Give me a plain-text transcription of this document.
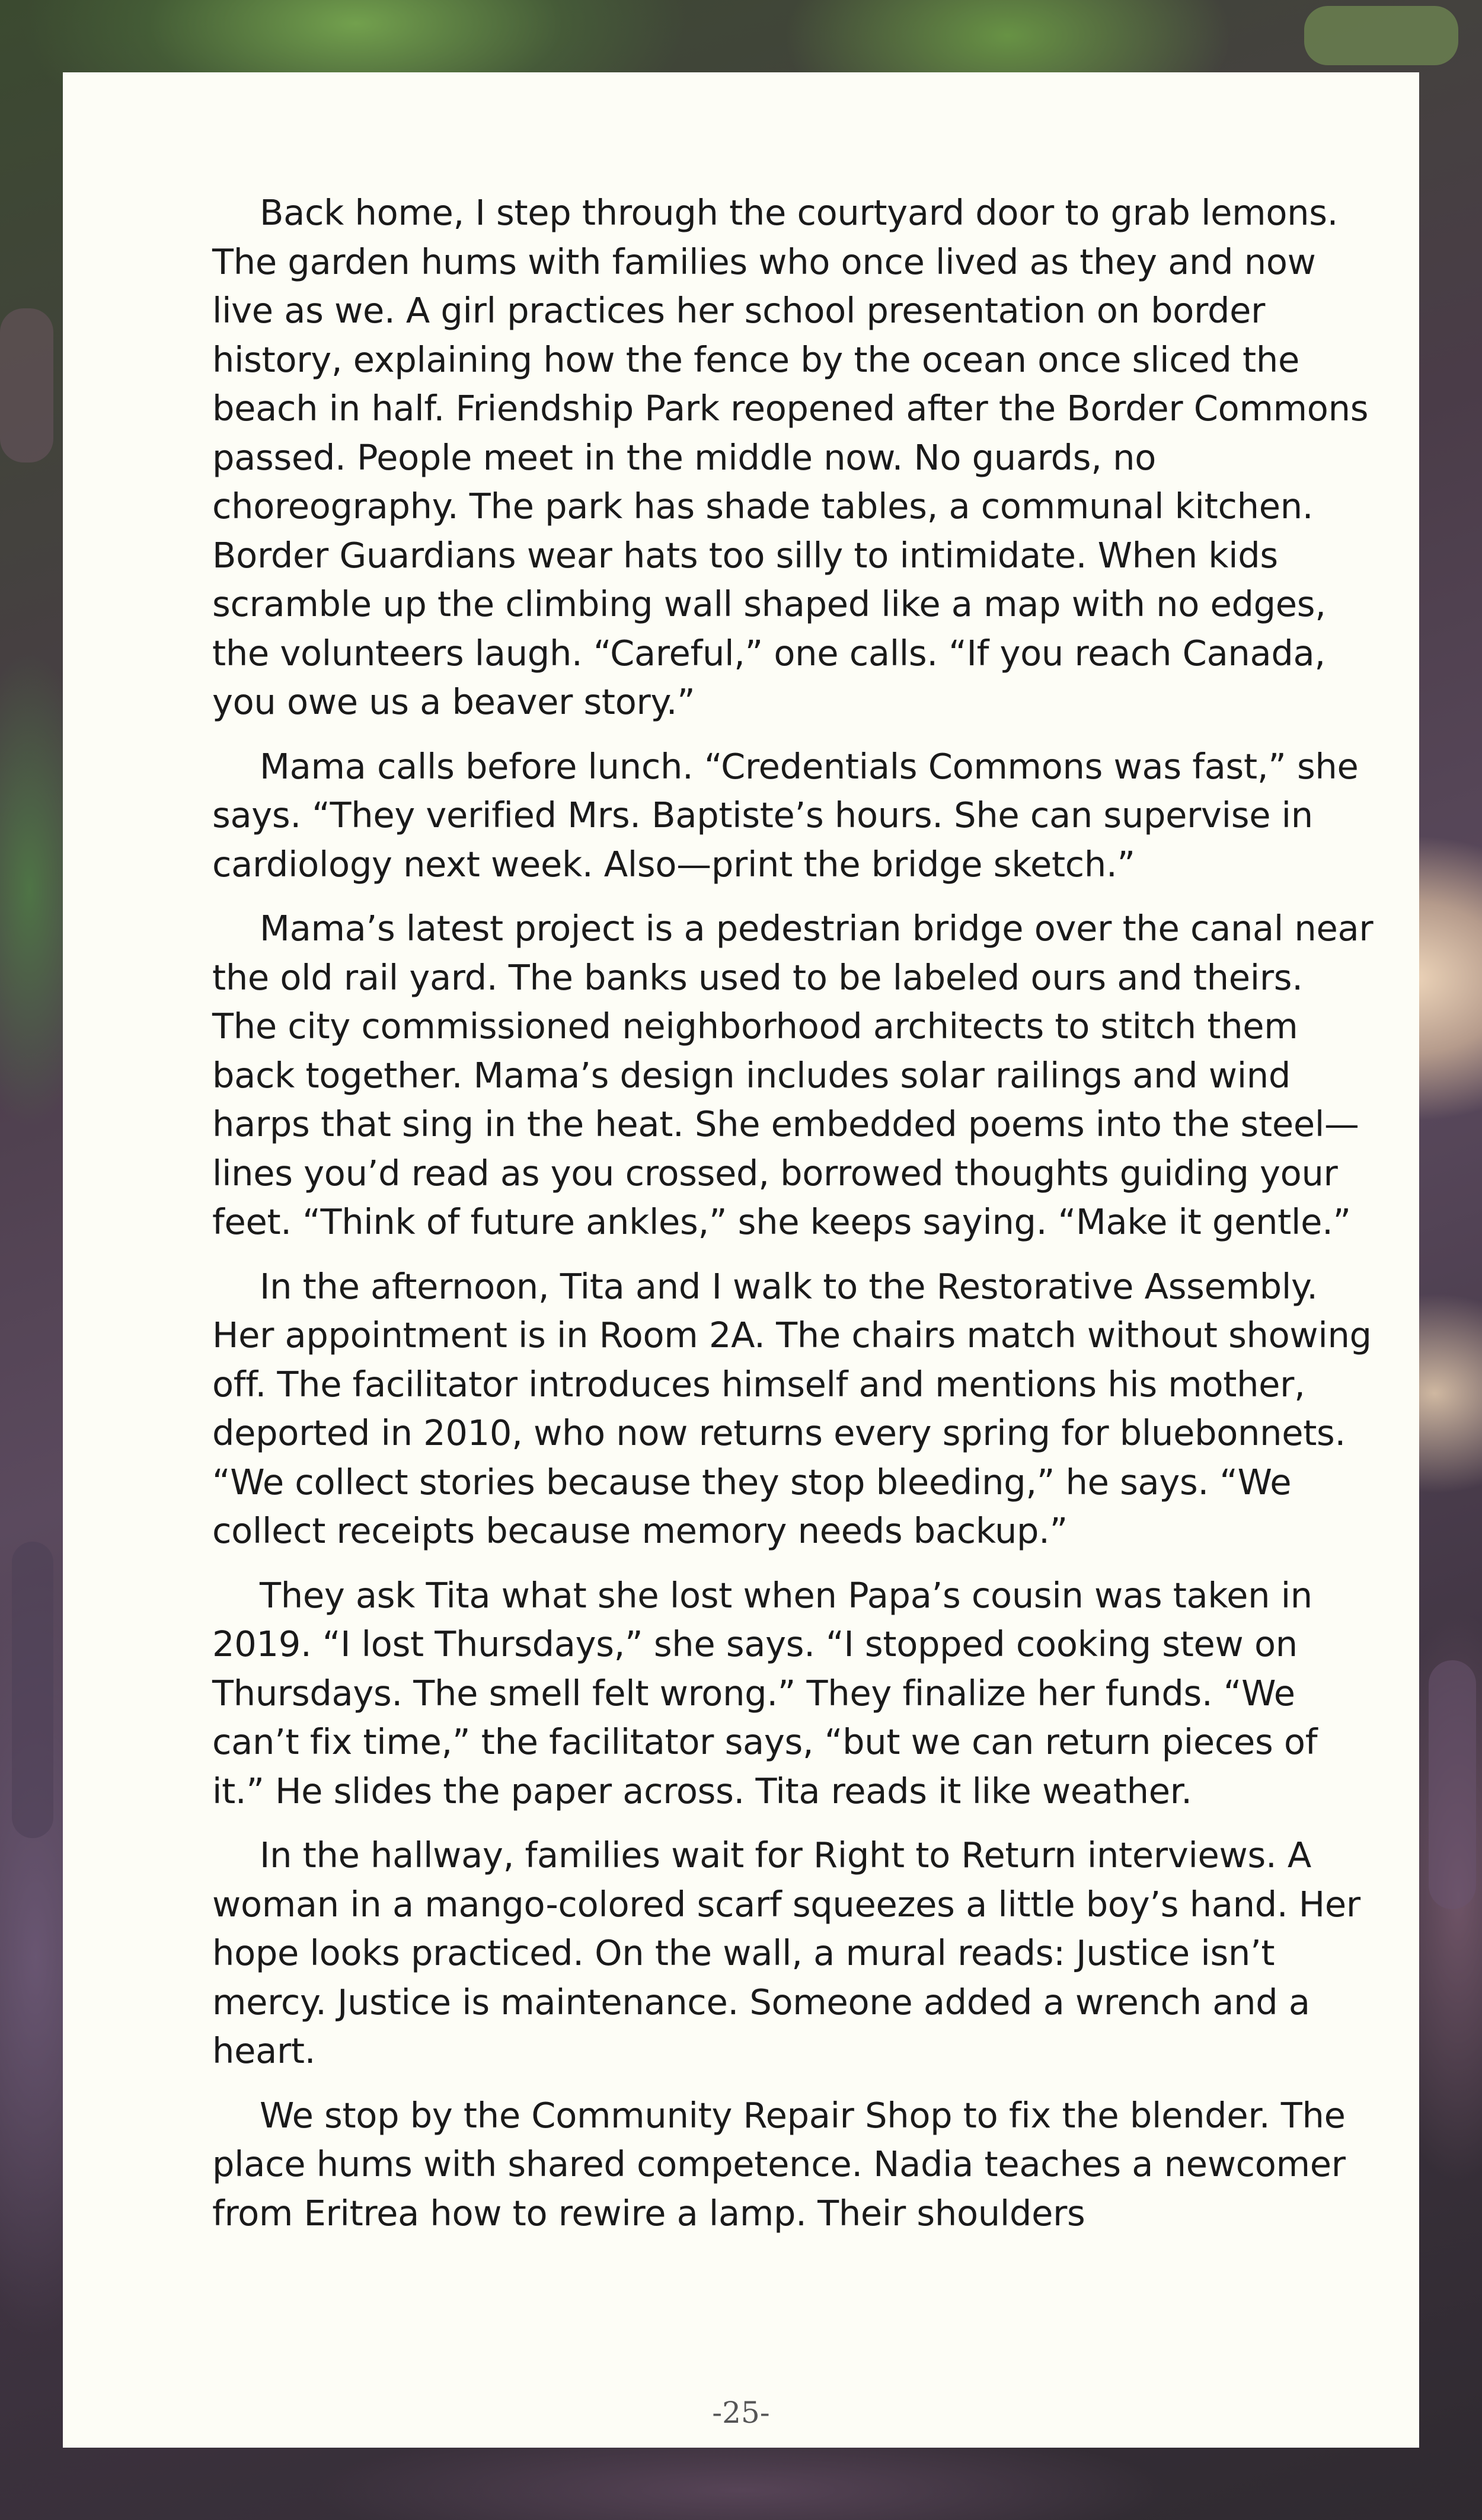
Back home, I step through the courtyard door to grab lemons. The garden hums with families who once lived as they and now live as we. A girl practices her school presentation on border history, explaining how the fence by the ocean once sliced the beach in half. Friendship Park reopened after the Border Commons passed. People meet in the middle now. No guards, no choreography. The park has shade tables, a communal kitchen. Border Guardians wear hats too silly to intimidate. When kids scramble up the climbing wall shaped like a map with no edges, the volunteers laugh. “Careful,” one calls. “If you reach Canada, you owe us a beaver story.”

Mama calls before lunch. “Credentials Commons was fast,” she says. “They verified Mrs. Baptiste’s hours. She can supervise in cardiology next week. Also—print the bridge sketch.”

Mama’s latest project is a pedestrian bridge over the canal near the old rail yard. The banks used to be labeled ours and theirs. The city commissioned neighborhood architects to stitch them back together. Mama’s design includes solar railings and wind harps that sing in the heat. She embedded poems into the steel—lines you’d read as you crossed, borrowed thoughts guiding your feet. “Think of future ankles,” she keeps saying. “Make it gentle.”

In the afternoon, Tita and I walk to the Restorative Assembly. Her appointment is in Room 2A. The chairs match without showing off. The facilitator introduces himself and mentions his mother, deported in 2010, who now returns every spring for bluebonnets. “We collect stories because they stop bleeding,” he says. “We collect receipts because memory needs backup.”

They ask Tita what she lost when Papa’s cousin was taken in 2019. “I lost Thursdays,” she says. “I stopped cooking stew on Thursdays. The smell felt wrong.” They finalize her funds. “We can’t fix time,” the facilitator says, “but we can return pieces of it.” He slides the paper across. Tita reads it like weather.

In the hallway, families wait for Right to Return interviews. A woman in a mango-colored scarf squeezes a little boy’s hand. Her hope looks practiced. On the wall, a mural reads: Justice isn’t mercy. Justice is maintenance. Someone added a wrench and a heart.

We stop by the Community Repair Shop to fix the blender. The place hums with shared competence. Nadia teaches a newcomer from Eritrea how to rewire a lamp. Their shoulders

-25-
